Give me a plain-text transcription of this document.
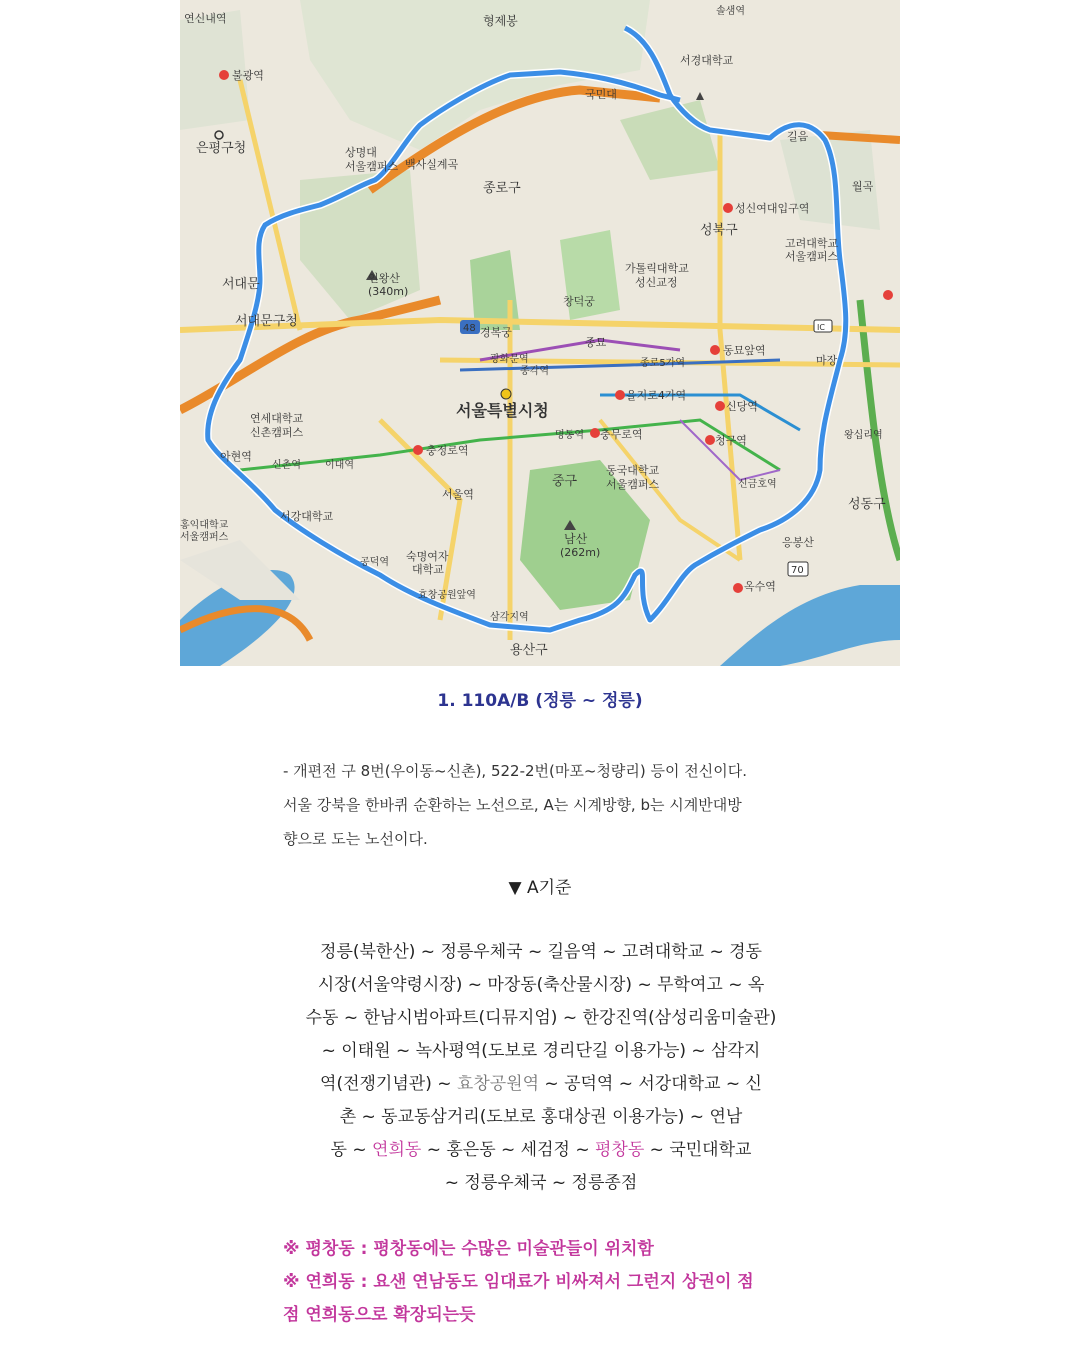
연신내역
불광역
은평구청
형제봉
서경대학교
솔샘역
국민대
상명대
서울캠퍼스 백사실계곡
종로구
길음
월곡
성신여대입구역
성북구
고려대학교
서울캠퍼스
가톨릭대학교
성신교정
인왕산
(340m)
서대문
서대문구청
창덕궁
경복궁
종묘
광화문역
종각역
종로5가역
동묘앞역
마장
을지로4가역
서울특별시청	신당역
연세대학교
신촌캠퍼스
충정로역
명동역 충무로역	청구역	왕십리역
아현역
신촌역 이대역
서울역
중구
동국대학교
서울캠퍼스	신금호역
홍익대학교
서울캠퍼스
서강대학교
남산
(262m)
숙명여자
대학교
공덕역
효창공원앞역
삼각지역
용산구
응봉산
옥수역
성동구
48
70
IC
1. 110A/B (정릉 ~ 정릉)

- 개편전 구 8번(우이동~신촌), 522-2번(마포~청량리) 등이 전신이다.

서울 강북을 한바퀴 순환하는 노선으로, A는 시계방향, b는 시계반대방

향으로 도는 노선이다.

▼ A기준
정릉(북한산) ~ 정릉우체국 ~ 길음역 ~ 고려대학교 ~ 경동
시장(서울약령시장) ~ 마장동(축산물시장) ~ 무학여고 ~ 옥
수동 ~ 한남시범아파트(디뮤지엄) ~ 한강진역(삼성리움미술관)
~ 이태원 ~ 녹사평역(도보로 경리단길 이용가능) ~ 삼각지
역(전쟁기념관) ~ 효창공원역 ~ 공덕역 ~ 서강대학교 ~ 신
촌 ~ 동교동삼거리(도보로 홍대상권 이용가능) ~ 연남
동 ~ 연희동 ~ 홍은동 ~ 세검정 ~ 평창동 ~ 국민대학교
~ 정릉우체국 ~ 정릉종점

※ 평창동 : 평창동에는 수많은 미술관들이 위치함

※ 연희동 : 요샌 연남동도 임대료가 비싸져서 그런지 상권이 점

점 연희동으로 확장되는듯
